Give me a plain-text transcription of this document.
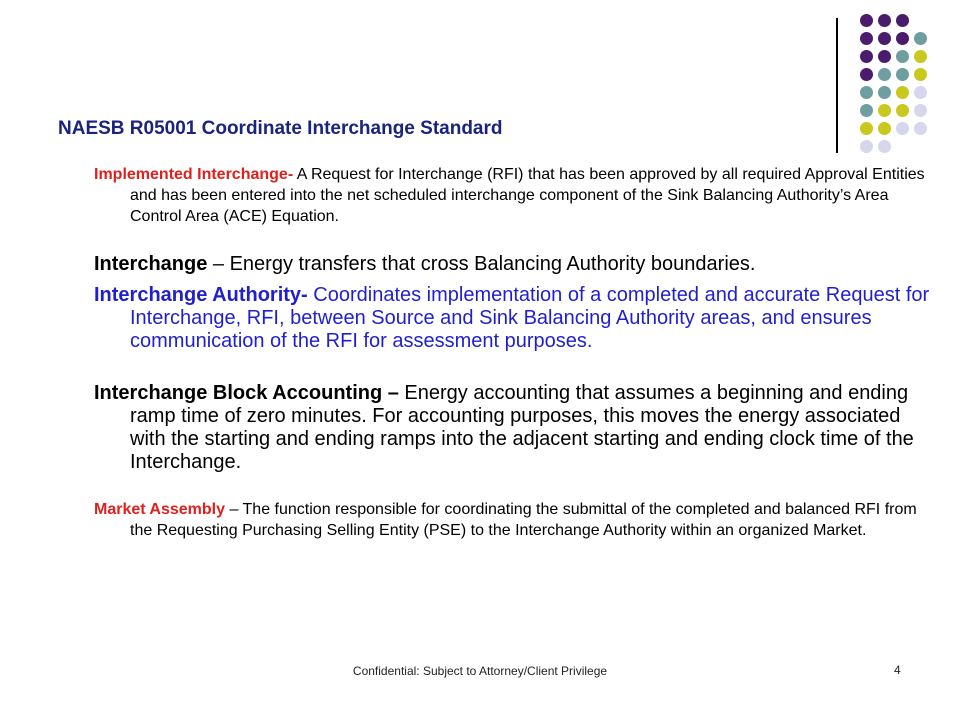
NAESB R05001 Coordinate Interchange Standard
Implemented Interchange- A Request for Interchange (RFI) that has been approved by all required Approval Entities and has been entered into the net scheduled interchange component of the Sink Balancing Authority’s Area Control Area (ACE) Equation.
Interchange – Energy transfers that cross Balancing Authority boundaries.
Interchange Authority- Coordinates implementation of a completed and accurate Request for Interchange, RFI, between Source and Sink Balancing Authority areas, and ensures communication of the RFI for assessment purposes.
Interchange Block Accounting – Energy accounting that assumes a beginning and ending ramp time of zero minutes. For accounting purposes, this moves the energy associated with the starting and ending ramps into the adjacent starting and ending clock time of the Interchange.
Market Assembly – The function responsible for coordinating the submittal of the completed and balanced RFI from the Requesting Purchasing Selling Entity (PSE) to the Interchange Authority within an organized Market.
Confidential: Subject to Attorney/Client Privilege	4
